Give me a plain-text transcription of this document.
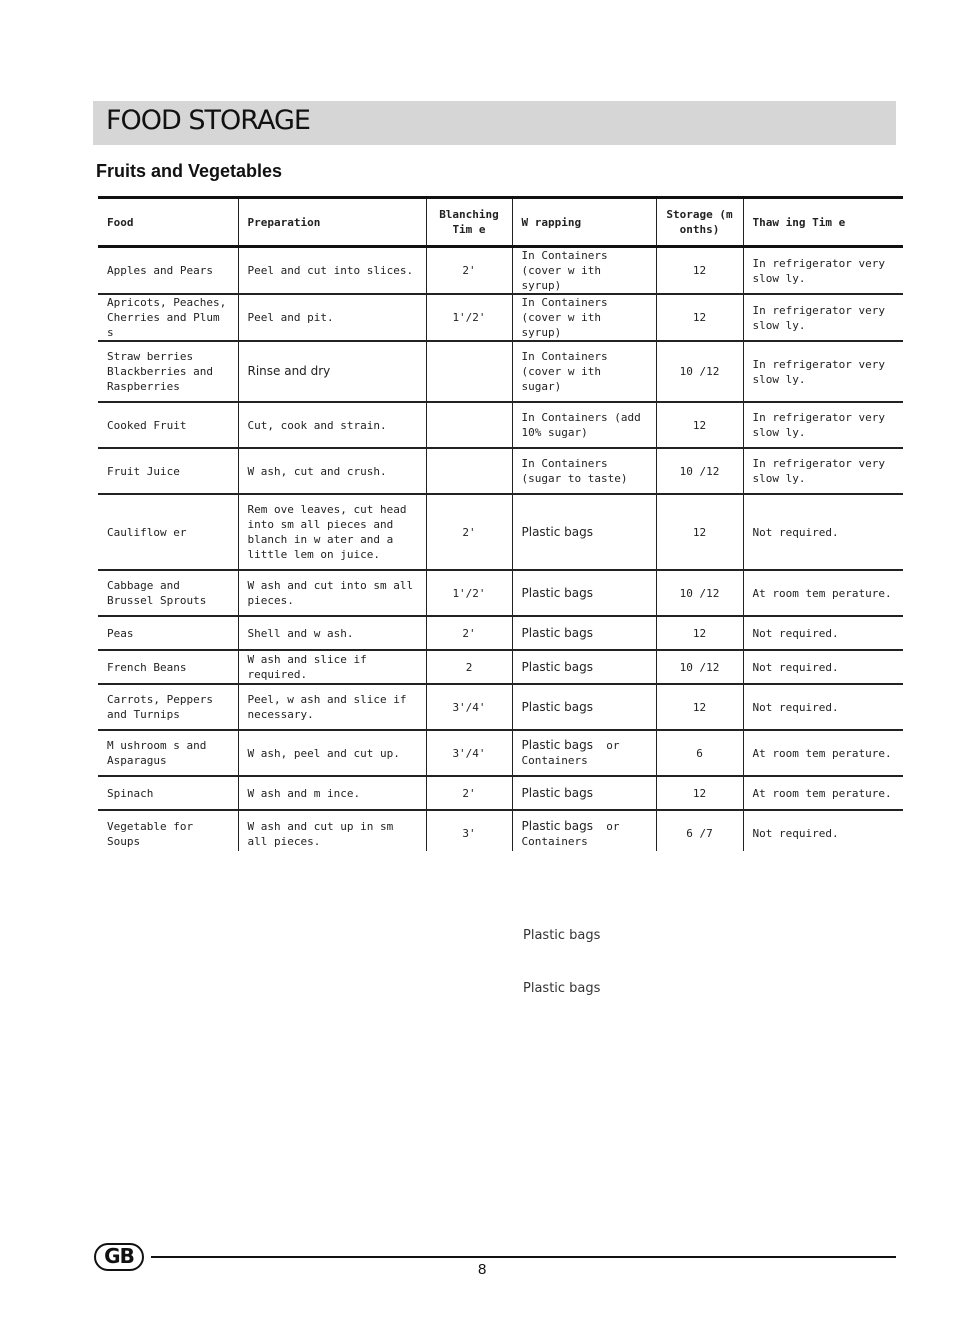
FOOD STORAGE
Fruits and Vegetables
Food	Preparation	Blanching Tim e	W rapping	Storage (m onths)	Thaw ing Tim e
Apples and Pears	Peel and cut into slices.	2'	In Containers (cover w ith syrup)	12	In refrigerator very slow ly.
Apricots, Peaches, Cherries and Plum s	Peel and pit.	1'/2'	In Containers (cover w ith syrup)	12	In refrigerator very slow ly.
Straw berries Blackberries and Raspberries	Rinse and dry		In Containers (cover w ith sugar)	10 /12	In refrigerator very slow ly.
Cooked Fruit	Cut, cook and strain.		In Containers (add 10% sugar)	12	In refrigerator very slow ly.
Fruit Juice	W ash, cut and crush.		In Containers (sugar to taste)	10 /12	In refrigerator very slow ly.
Cauliflow er	Rem ove leaves, cut head into sm all pieces and blanch in w ater and a little lem on juice.	2'	Plastic bags	12	Not required.
Cabbage and Brussel Sprouts	W ash and cut into sm all pieces.	1'/2'	Plastic bags	10 /12	At room tem perature.
Peas	Shell and w ash.	2'	Plastic bags	12	Not required.
French Beans	W ash and slice if required.	2	Plastic bags	10 /12	Not required.
Carrots, Peppers and Turnips	Peel, w ash and slice if necessary.	3'/4'	Plastic bags	12	Not required.
M ushroom s and Asparagus	W ash, peel and cut up.	3'/4'	Plastic bags or Containers	6	At room tem perature.
Spinach	W ash and m ince.	2'	Plastic bags	12	At room tem perature.
Vegetable for Soups	W ash and cut up in sm all pieces.	3'	Plastic bags or Containers	6 /7	Not required.
Plastic bags
Plastic bags
GB
8
